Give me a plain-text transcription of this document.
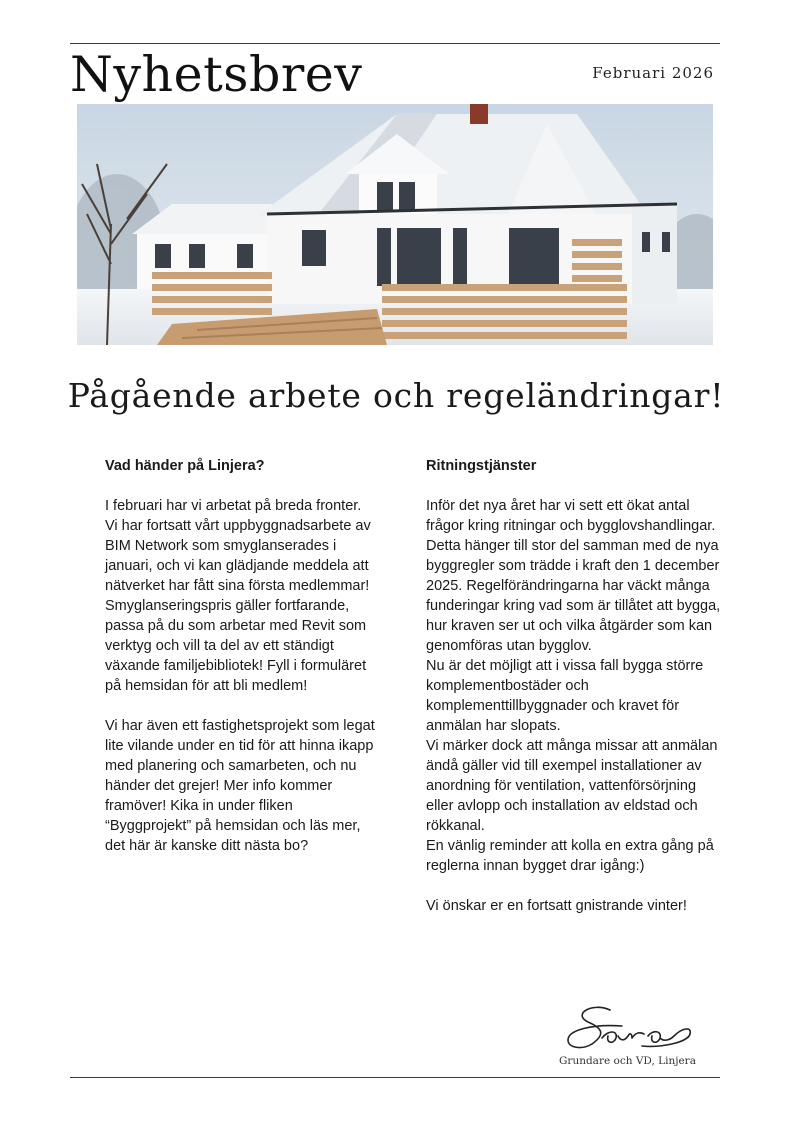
Nyhetsbrev	Februari 2026
Pågående arbete och regeländringar!
Vad händer på Linjera?

I februari har vi arbetat på breda fronter. Vi har fortsatt vårt uppbyggnadsarbete av BIM Network som smyglanserades i januari, och vi kan glädjande meddela att nätverket har fått sina första medlemmar! Smyglanseringspris gäller fortfarande, passa på du som arbetar med Revit som verktyg och vill ta del av ett ständigt växande familjebibliotek! Fyll i formuläret på hemsidan för att bli medlem!

Vi har även ett fastighetsprojekt som legat lite vilande under en tid för att hinna ikapp med planering och samarbeten, och nu händer det grejer! Mer info kommer framöver! Kika in under fliken “Byggprojekt” på hemsidan och läs mer, det här är kanske ditt nästa bo?

Ritningstjänster

Inför det nya året har vi sett ett ökat antal frågor kring ritningar och bygglovshandlingar. Detta hänger till stor del samman med de nya byggregler som trädde i kraft den 1 december 2025. Regelförändringarna har väckt många funderingar kring vad som är tillåtet att bygga, hur kraven ser ut och vilka åtgärder som kan genomföras utan bygglov.
Nu är det möjligt att i vissa fall bygga större komplementbostäder och komplementtillbyggnader och kravet för anmälan har slopats.
Vi märker dock att många missar att anmälan ändå gäller vid till exempel installationer av anordning för ventilation, vattenförsörjning eller avlopp och installation av eldstad och rökkanal.
En vänlig reminder att kolla en extra gång på reglerna innan bygget drar igång:)

Vi önskar er en fortsatt gnistrande vinter!

Grundare och VD, Linjera
